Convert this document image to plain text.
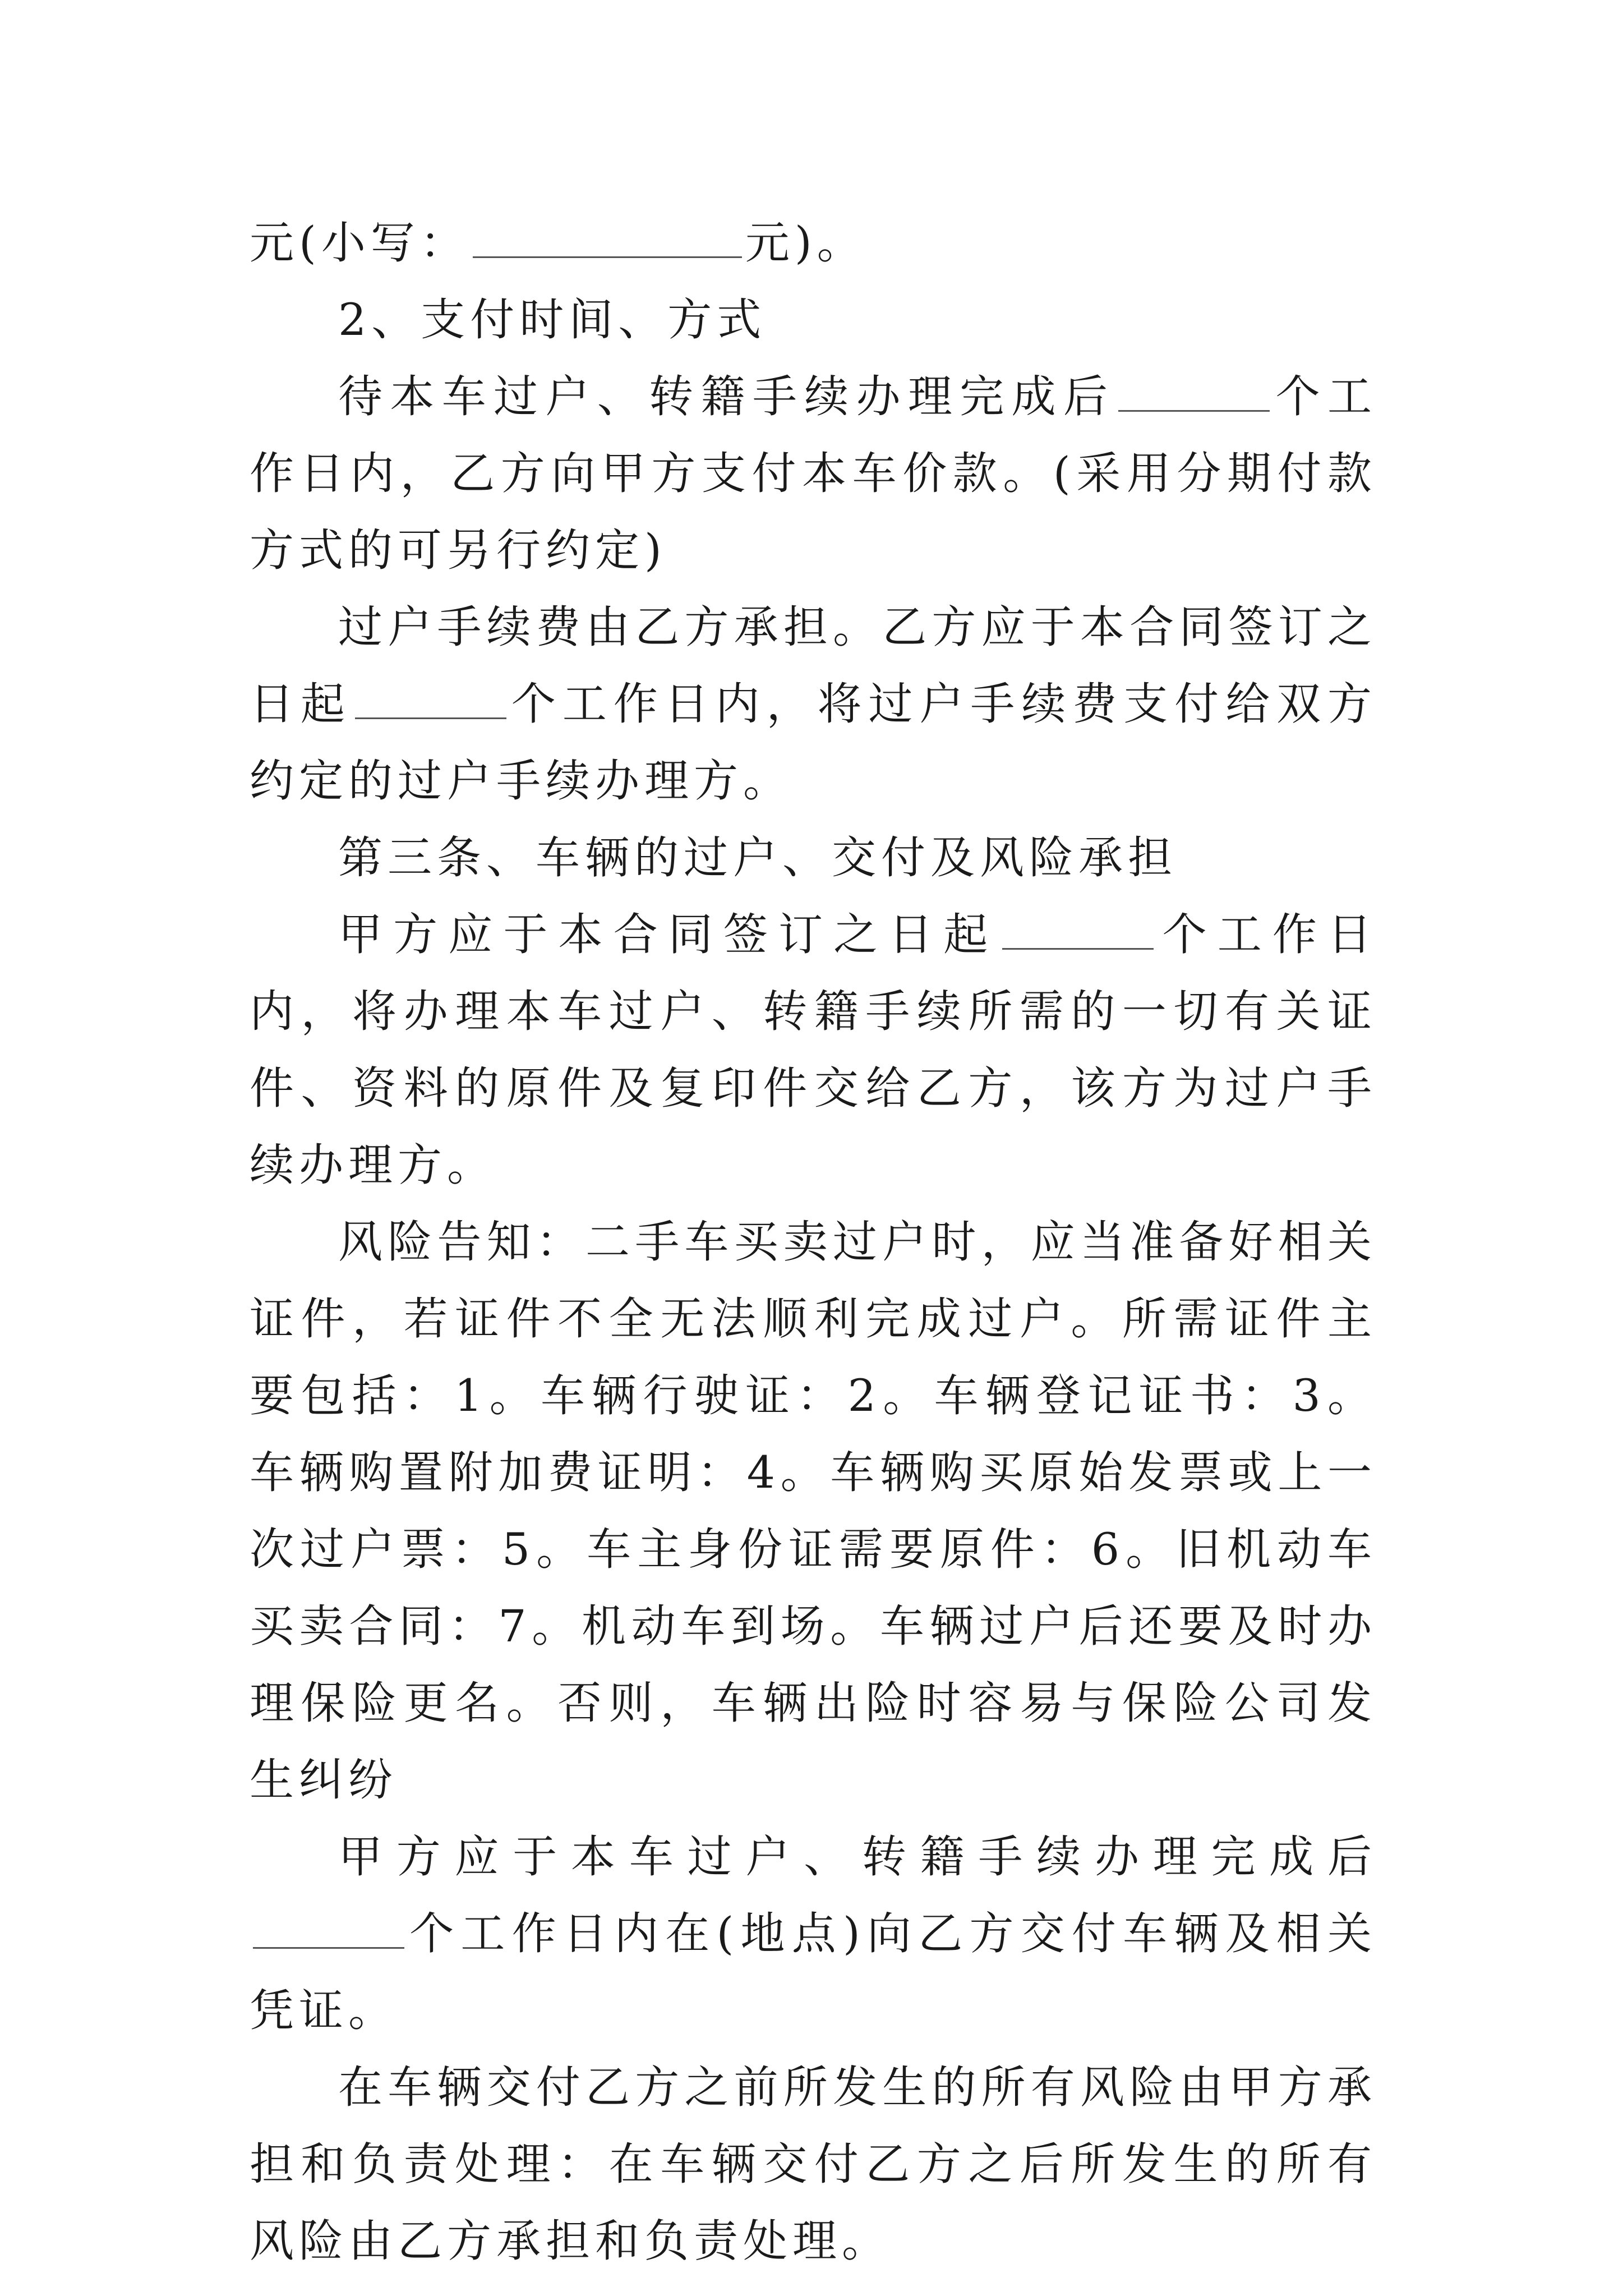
元(小写：	元)。

2、支付时间、方式

待本车过户、转籍手续办理完成后	个工作日内，乙方向甲方支付本车价款。(采用分期付款方式的可另行约定)

过户手续费由乙方承担。乙方应于本合同签订之日起	个工作日内，将过户手续费支付给双方约定的过户手续办理方。

第三条、车辆的过户、交付及风险承担

甲方应于本合同签订之日起	个工作日内，将办理本车过户、转籍手续所需的一切有关证件、资料的原件及复印件交给乙方，该方为过户手续办理方。

风险告知：二手车买卖过户时，应当准备好相关证件，若证件不全无法顺利完成过户。所需证件主要包括：1。车辆行驶证：2。车辆登记证书：3。车辆购置附加费证明：4。车辆购买原始发票或上一次过户票：5。车主身份证需要原件：6。旧机动车买卖合同：7。机动车到场。车辆过户后还要及时办理保险更名。否则，车辆出险时容易与保险公司发生纠纷

甲方应于本车过户、转籍手续办理完成后个工作日内在(地点)向乙方交付车辆及相关凭证。

在车辆交付乙方之前所发生的所有风险由甲方承担和负责处理：在车辆交付乙方之后所发生的所有风险由乙方承担和负责处理。
